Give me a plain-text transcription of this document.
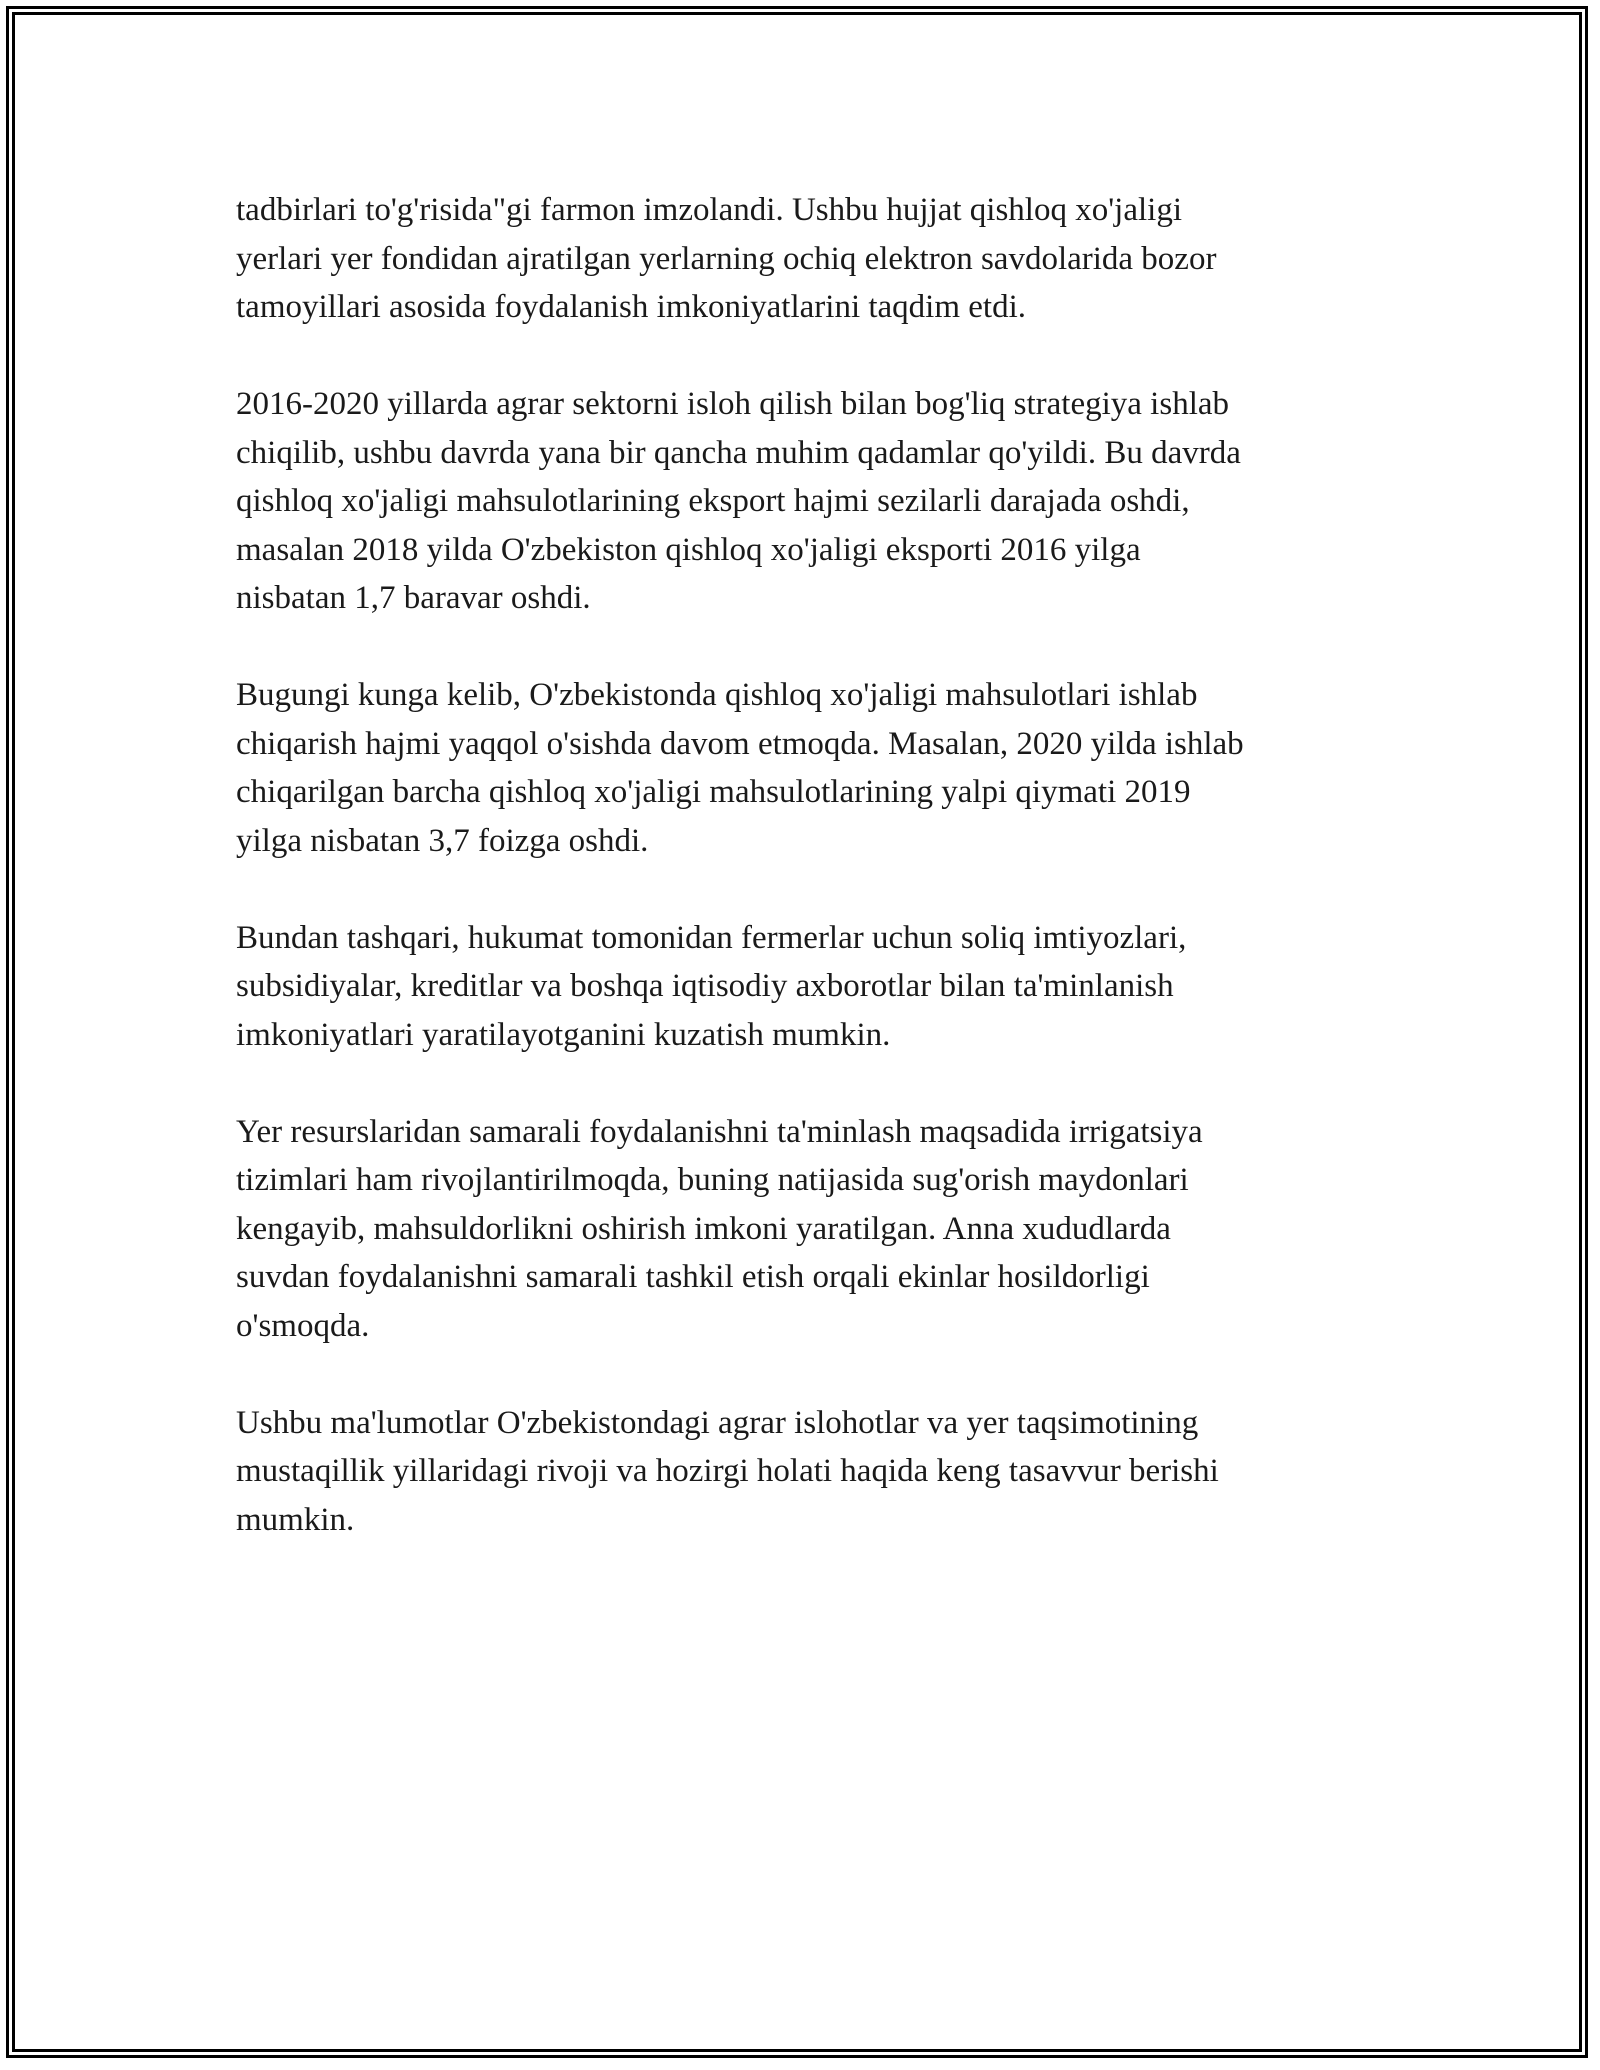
tadbirlari to'g'risida"gi farmon imzolandi. Ushbu hujjat qishloq xo'jaligi
yerlari yer fondidan ajratilgan yerlarning ochiq elektron savdolarida bozor
tamoyillari asosida foydalanish imkoniyatlarini taqdim etdi.

2016-2020 yillarda agrar sektorni isloh qilish bilan bog'liq strategiya ishlab
chiqilib, ushbu davrda yana bir qancha muhim qadamlar qo'yildi. Bu davrda
qishloq xo'jaligi mahsulotlarining eksport hajmi sezilarli darajada oshdi,
masalan 2018 yilda O'zbekiston qishloq xo'jaligi eksporti 2016 yilga
nisbatan 1,7 baravar oshdi.

Bugungi kunga kelib, O'zbekistonda qishloq xo'jaligi mahsulotlari ishlab
chiqarish hajmi yaqqol o'sishda davom etmoqda. Masalan, 2020 yilda ishlab
chiqarilgan barcha qishloq xo'jaligi mahsulotlarining yalpi qiymati 2019
yilga nisbatan 3,7 foizga oshdi.

Bundan tashqari, hukumat tomonidan fermerlar uchun soliq imtiyozlari,
subsidiyalar, kreditlar va boshqa iqtisodiy axborotlar bilan ta'minlanish
imkoniyatlari yaratilayotganini kuzatish mumkin.

Yer resurslaridan samarali foydalanishni ta'minlash maqsadida irrigatsiya
tizimlari ham rivojlantirilmoqda, buning natijasida sug'orish maydonlari
kengayib, mahsuldorlikni oshirish imkoni yaratilgan. Anna xududlarda
suvdan foydalanishni samarali tashkil etish orqali ekinlar hosildorligi
o'smoqda.

Ushbu ma'lumotlar O'zbekistondagi agrar islohotlar va yer taqsimotining
mustaqillik yillaridagi rivoji va hozirgi holati haqida keng tasavvur berishi
mumkin.
